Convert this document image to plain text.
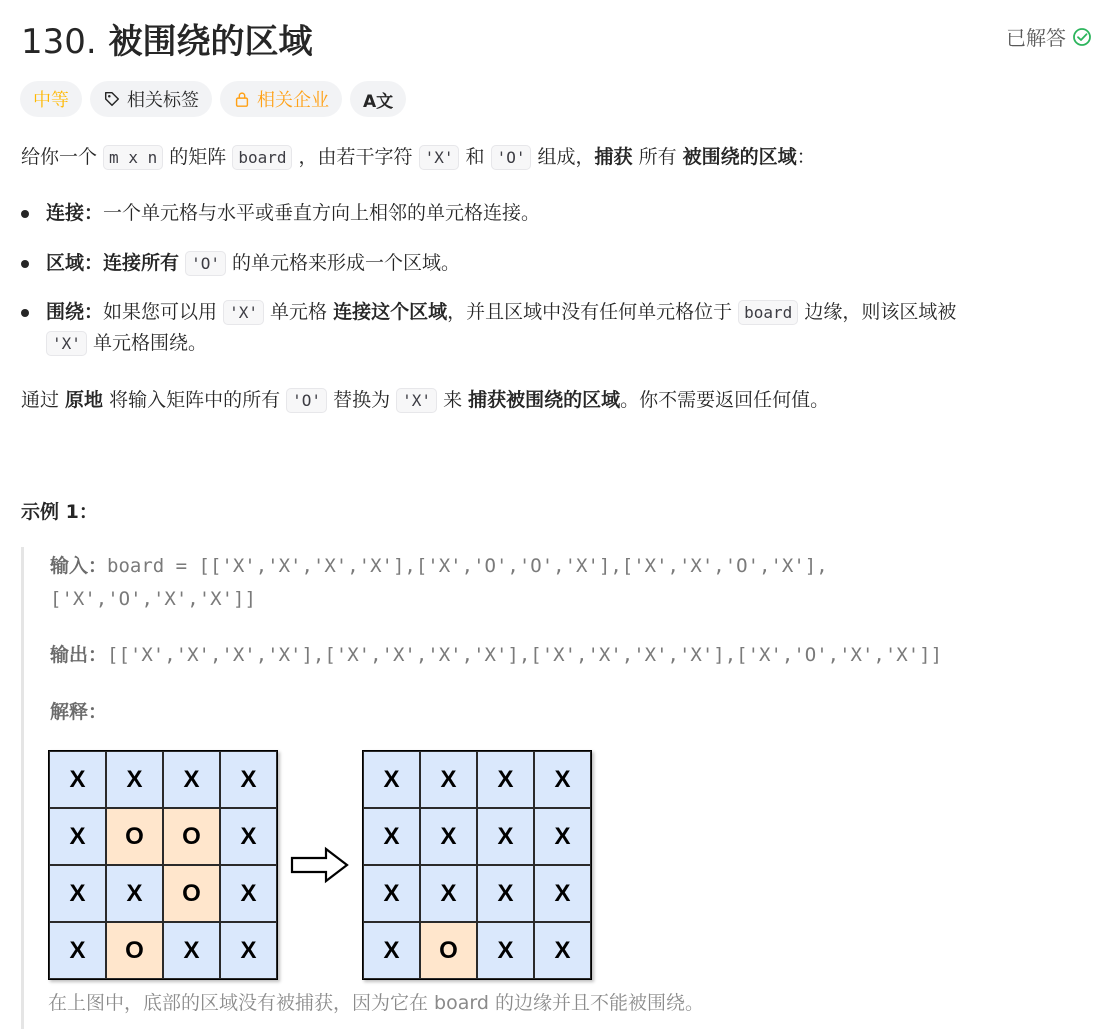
130. 被围绕的区域	已解答
中等	相关标签	相关企业 A文

给你一个 m x n 的矩阵 board ，由若干字符 'X' 和 'O' 组成，捕获 所有 被围绕的区域：

连接：一个单元格与水平或垂直方向上相邻的单元格连接。
区域：连接所有 'O' 的单元格来形成一个区域。
围绕：如果您可以用 'X' 单元格 连接这个区域，并且区域中没有任何单元格位于 board 边缘，则该区域被
'X' 单元格围绕。

通过 原地 将输入矩阵中的所有 'O' 替换为 'X' 来 捕获被围绕的区域。你不需要返回任何值。

示例 1：
输入：board = [['X','X','X','X'],['X','O','O','X'],['X','X','O','X'],
['X','O','X','X']]
输出：[['X','X','X','X'],['X','X','X','X'],['X','X','X','X'],['X','O','X','X']]
解释：
X	X	X	X
X	O	O	X
X	X	O	X
X	O	X	X
X	X	X	X
X	X	X	X
X	X	X	X
X	O	X	X
在上图中，底部的区域没有被捕获，因为它在 board 的边缘并且不能被围绕。
